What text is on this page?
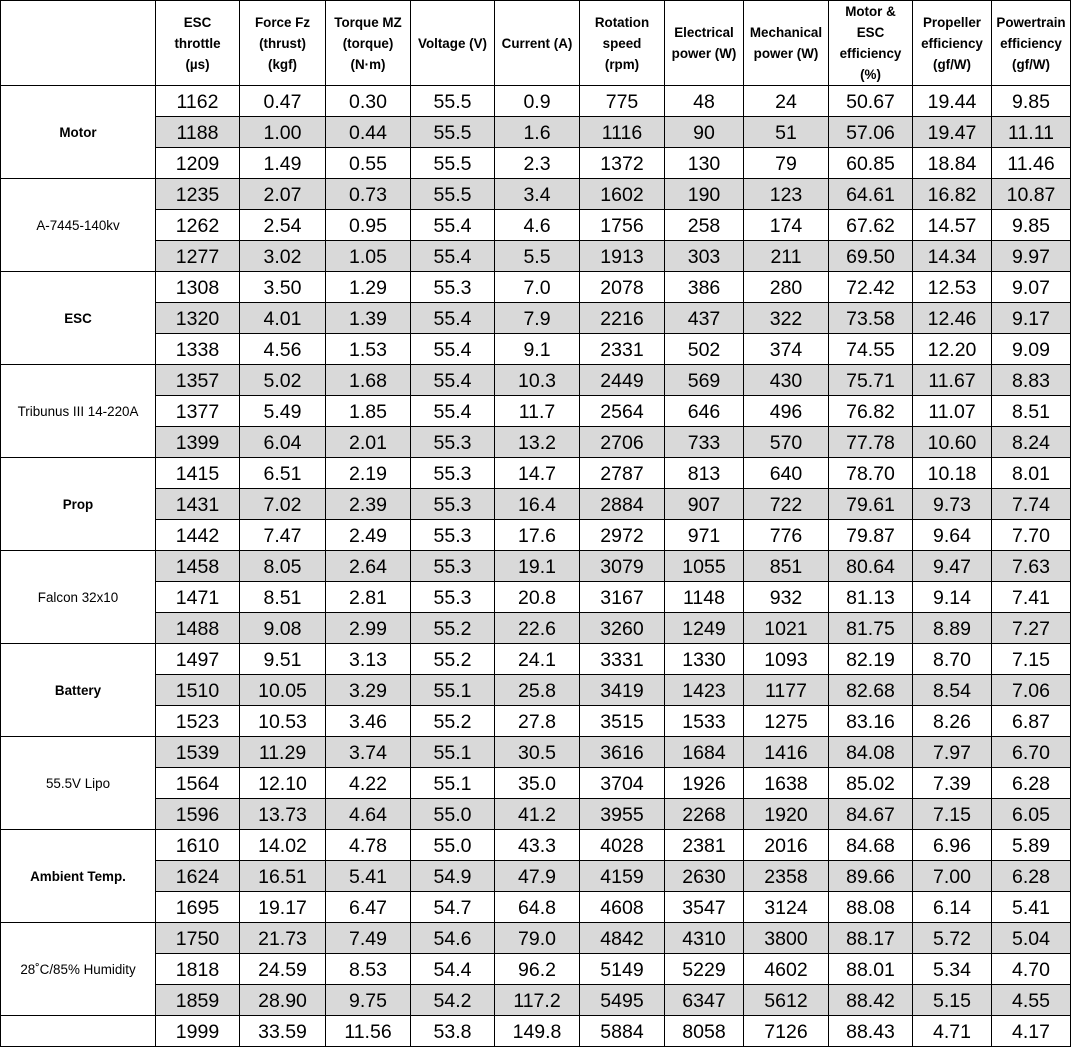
	ESC
throttle
(µs)	Force Fz
(thrust)
(kgf)	Torque MZ
(torque)
(N·m)	Voltage (V)	Current (A)	Rotation
speed
(rpm)	Electrical
power (W)	Mechanical
power (W)	Motor &
ESC
efficiency
(%)	Propeller
efficiency
(gf/W)	Powertrain
efficiency
(gf/W)

Motor	1162	0.47	0.30	55.5	0.9	775	48	24	50.67	19.44	9.85
	1188	1.00	0.44	55.5	1.6	1116	90	51	57.06	19.47	11.11
	1209	1.49	0.55	55.5	2.3	1372	130	79	60.85	18.84	11.46
A-7445-140kv	1235	2.07	0.73	55.5	3.4	1602	190	123	64.61	16.82	10.87
	1262	2.54	0.95	55.4	4.6	1756	258	174	67.62	14.57	9.85
	1277	3.02	1.05	55.4	5.5	1913	303	211	69.50	14.34	9.97
ESC	1308	3.50	1.29	55.3	7.0	2078	386	280	72.42	12.53	9.07
	1320	4.01	1.39	55.4	7.9	2216	437	322	73.58	12.46	9.17
	1338	4.56	1.53	55.4	9.1	2331	502	374	74.55	12.20	9.09
Tribunus III 14-220A	1357	5.02	1.68	55.4	10.3	2449	569	430	75.71	11.67	8.83
	1377	5.49	1.85	55.4	11.7	2564	646	496	76.82	11.07	8.51
	1399	6.04	2.01	55.3	13.2	2706	733	570	77.78	10.60	8.24
Prop	1415	6.51	2.19	55.3	14.7	2787	813	640	78.70	10.18	8.01
	1431	7.02	2.39	55.3	16.4	2884	907	722	79.61	9.73	7.74
	1442	7.47	2.49	55.3	17.6	2972	971	776	79.87	9.64	7.70
Falcon 32x10	1458	8.05	2.64	55.3	19.1	3079	1055	851	80.64	9.47	7.63
	1471	8.51	2.81	55.3	20.8	3167	1148	932	81.13	9.14	7.41
	1488	9.08	2.99	55.2	22.6	3260	1249	1021	81.75	8.89	7.27
Battery	1497	9.51	3.13	55.2	24.1	3331	1330	1093	82.19	8.70	7.15
	1510	10.05	3.29	55.1	25.8	3419	1423	1177	82.68	8.54	7.06
	1523	10.53	3.46	55.2	27.8	3515	1533	1275	83.16	8.26	6.87
55.5V Lipo	1539	11.29	3.74	55.1	30.5	3616	1684	1416	84.08	7.97	6.70
	1564	12.10	4.22	55.1	35.0	3704	1926	1638	85.02	7.39	6.28
	1596	13.73	4.64	55.0	41.2	3955	2268	1920	84.67	7.15	6.05
Ambient Temp.	1610	14.02	4.78	55.0	43.3	4028	2381	2016	84.68	6.96	5.89
	1624	16.51	5.41	54.9	47.9	4159	2630	2358	89.66	7.00	6.28
	1695	19.17	6.47	54.7	64.8	4608	3547	3124	88.08	6.14	5.41
28˚C/85% Humidity	1750	21.73	7.49	54.6	79.0	4842	4310	3800	88.17	5.72	5.04
	1818	24.59	8.53	54.4	96.2	5149	5229	4602	88.01	5.34	4.70
	1859	28.90	9.75	54.2	117.2	5495	6347	5612	88.42	5.15	4.55
	1999	33.59	11.56	53.8	149.8	5884	8058	7126	88.43	4.71	4.17
